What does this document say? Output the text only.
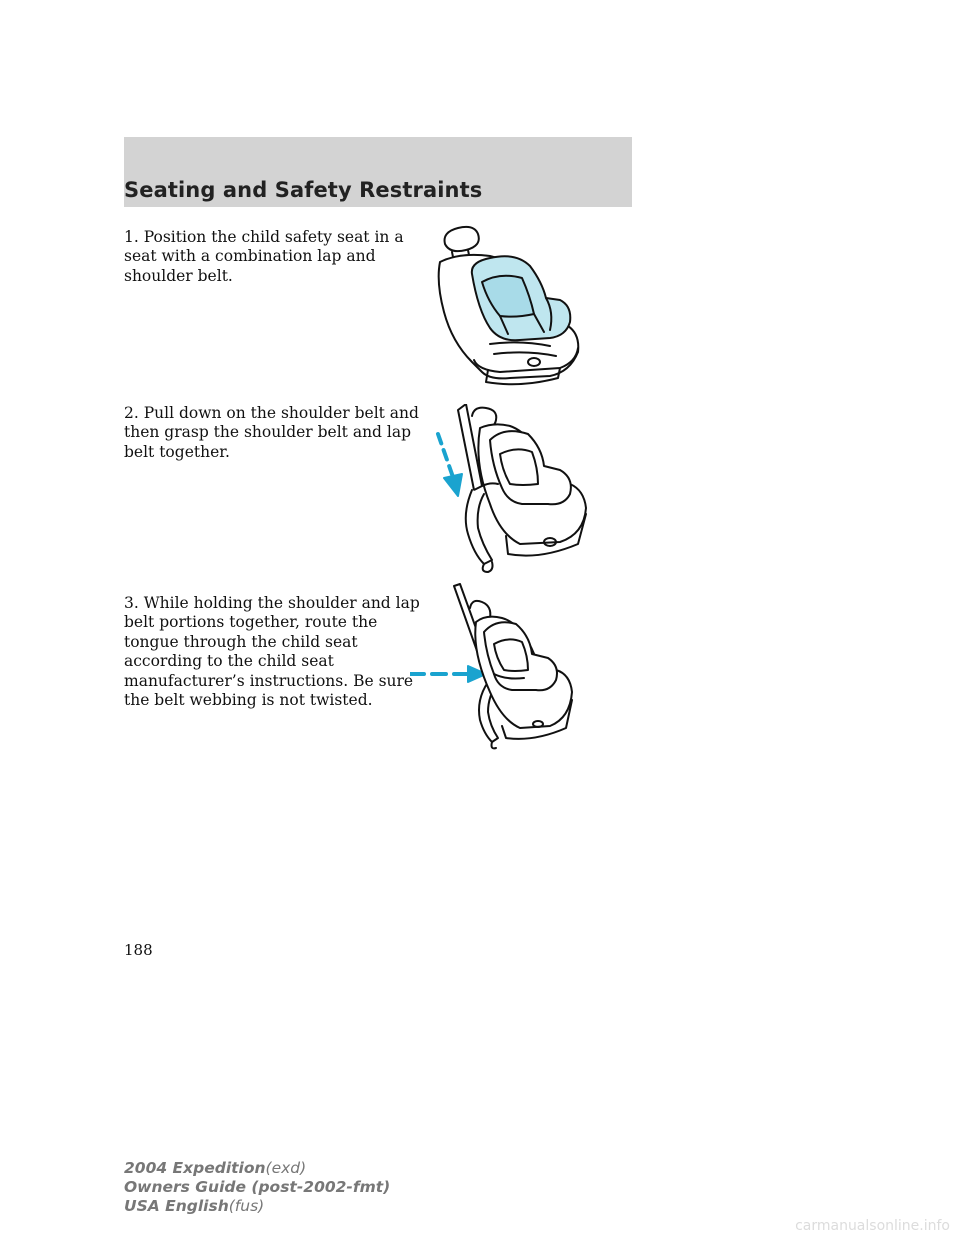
Seating and Safety Restraints
1. Position the child safety seat in a seat with a combination lap and shoulder belt.
2. Pull down on the shoulder belt and then grasp the shoulder belt and lap belt together.
3. While holding the shoulder and lap belt portions together, route the tongue through the child seat according to the child seat manufacturer’s instructions. Be sure the belt webbing is not twisted.
188
2004 Expedition(exd)
Owners Guide (post-2002-fmt)
USA English(fus)
carmanualsonline.info
